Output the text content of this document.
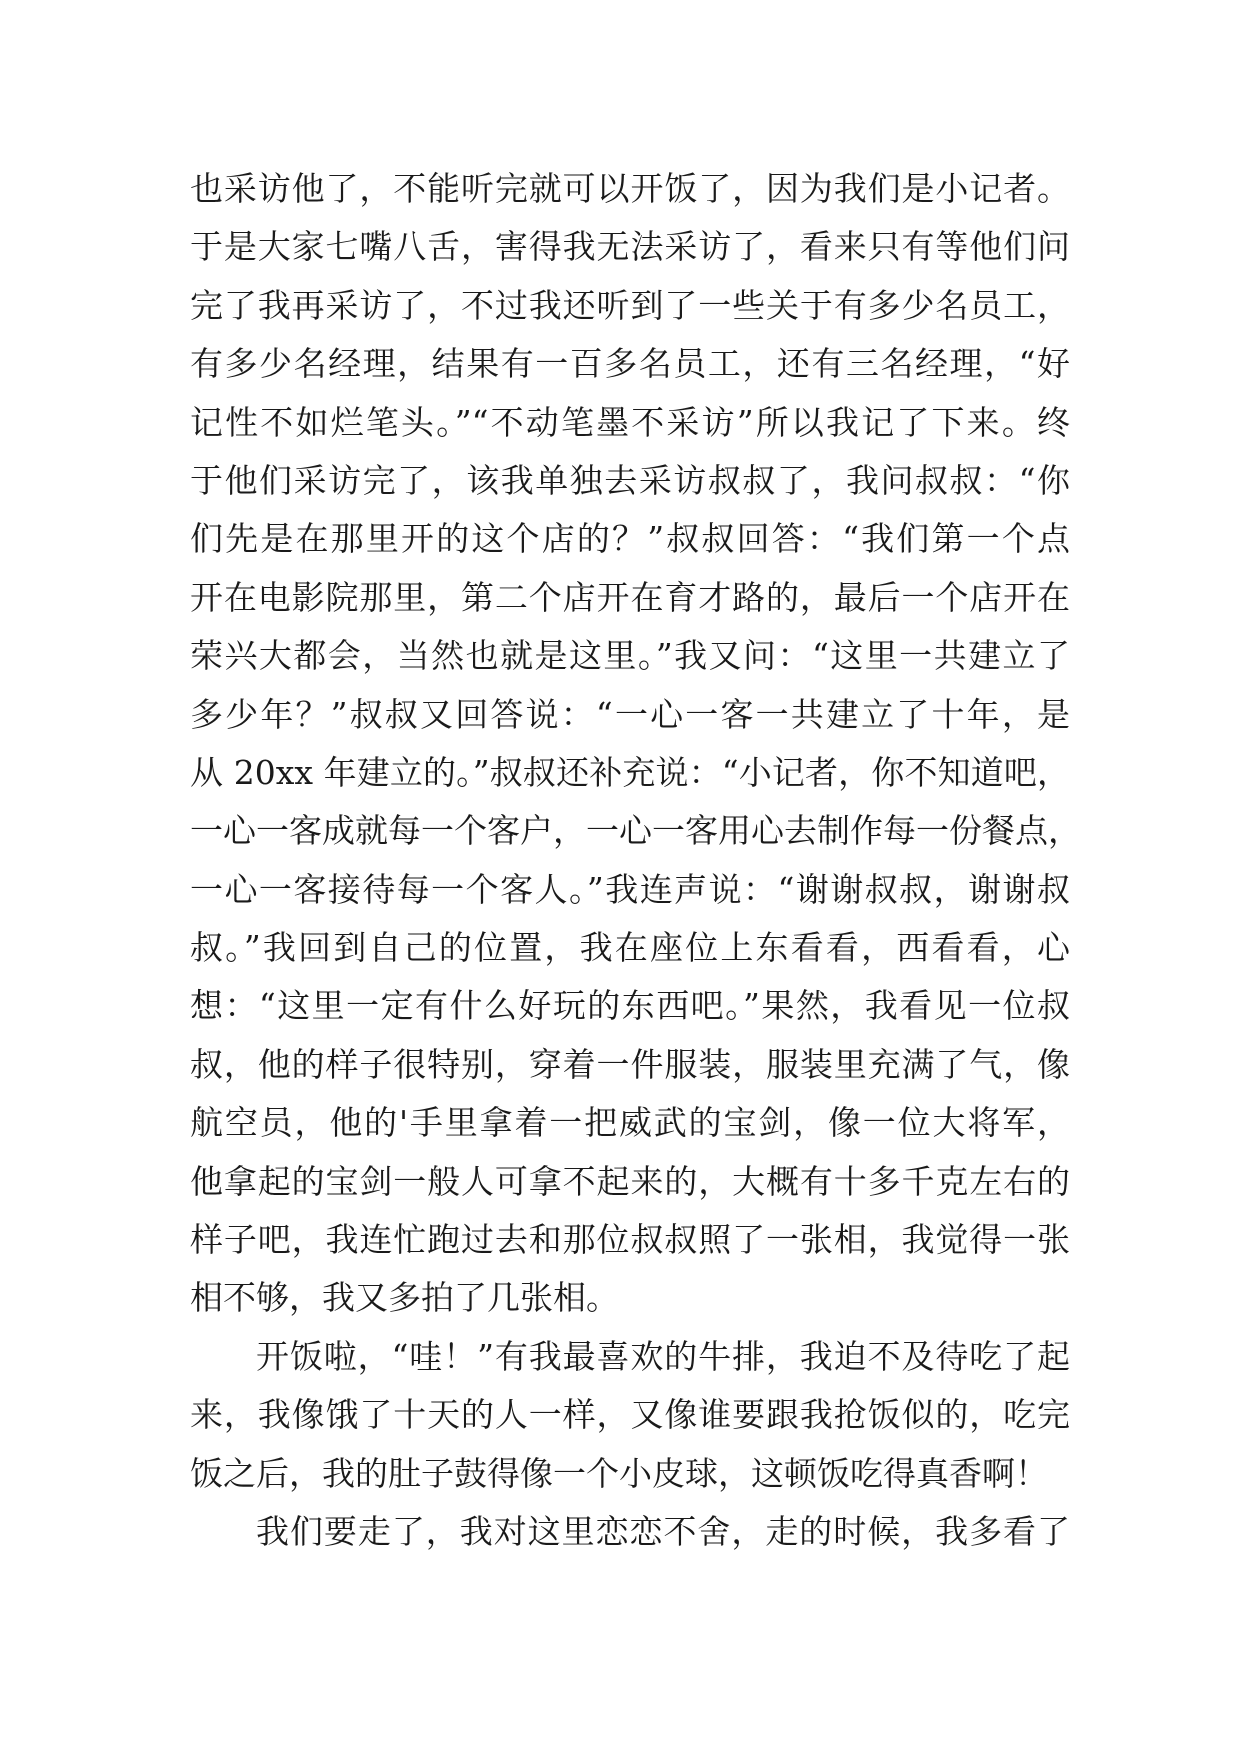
也采访他了，不能听完就可以开饭了，因为我们是小记者。
于是大家七嘴八舌，害得我无法采访了，看来只有等他们问
完了我再采访了，不过我还听到了一些关于有多少名员工，
有多少名经理，结果有一百多名员工，还有三名经理，“好
记性不如烂笔头。”“不动笔墨不采访”所以我记了下来。终
于他们采访完了，该我单独去采访叔叔了，我问叔叔：“你
们先是在那里开的这个店的？”叔叔回答：“我们第一个点
开在电影院那里，第二个店开在育才路的，最后一个店开在
荣兴大都会，当然也就是这里。”我又问：“这里一共建立了
多少年？”叔叔又回答说：“一心一客一共建立了十年，是
从 20xx 年建立的。”叔叔还补充说：“小记者，你不知道吧，
一心一客成就每一个客户，一心一客用心去制作每一份餐点，
一心一客接待每一个客人。”我连声说：“谢谢叔叔，谢谢叔
叔。”我回到自己的位置，我在座位上东看看，西看看，心
想：“这里一定有什么好玩的东西吧。”果然，我看见一位叔
叔，他的样子很特别，穿着一件服装，服装里充满了气，像
航空员，他的'手里拿着一把威武的宝剑，像一位大将军，
他拿起的宝剑一般人可拿不起来的，大概有十多千克左右的
样子吧，我连忙跑过去和那位叔叔照了一张相，我觉得一张
相不够，我又多拍了几张相。
开饭啦，“哇！”有我最喜欢的牛排，我迫不及待吃了起
来，我像饿了十天的人一样，又像谁要跟我抢饭似的，吃完
饭之后，我的肚子鼓得像一个小皮球，这顿饭吃得真香啊！
我们要走了，我对这里恋恋不舍，走的时候，我多看了
